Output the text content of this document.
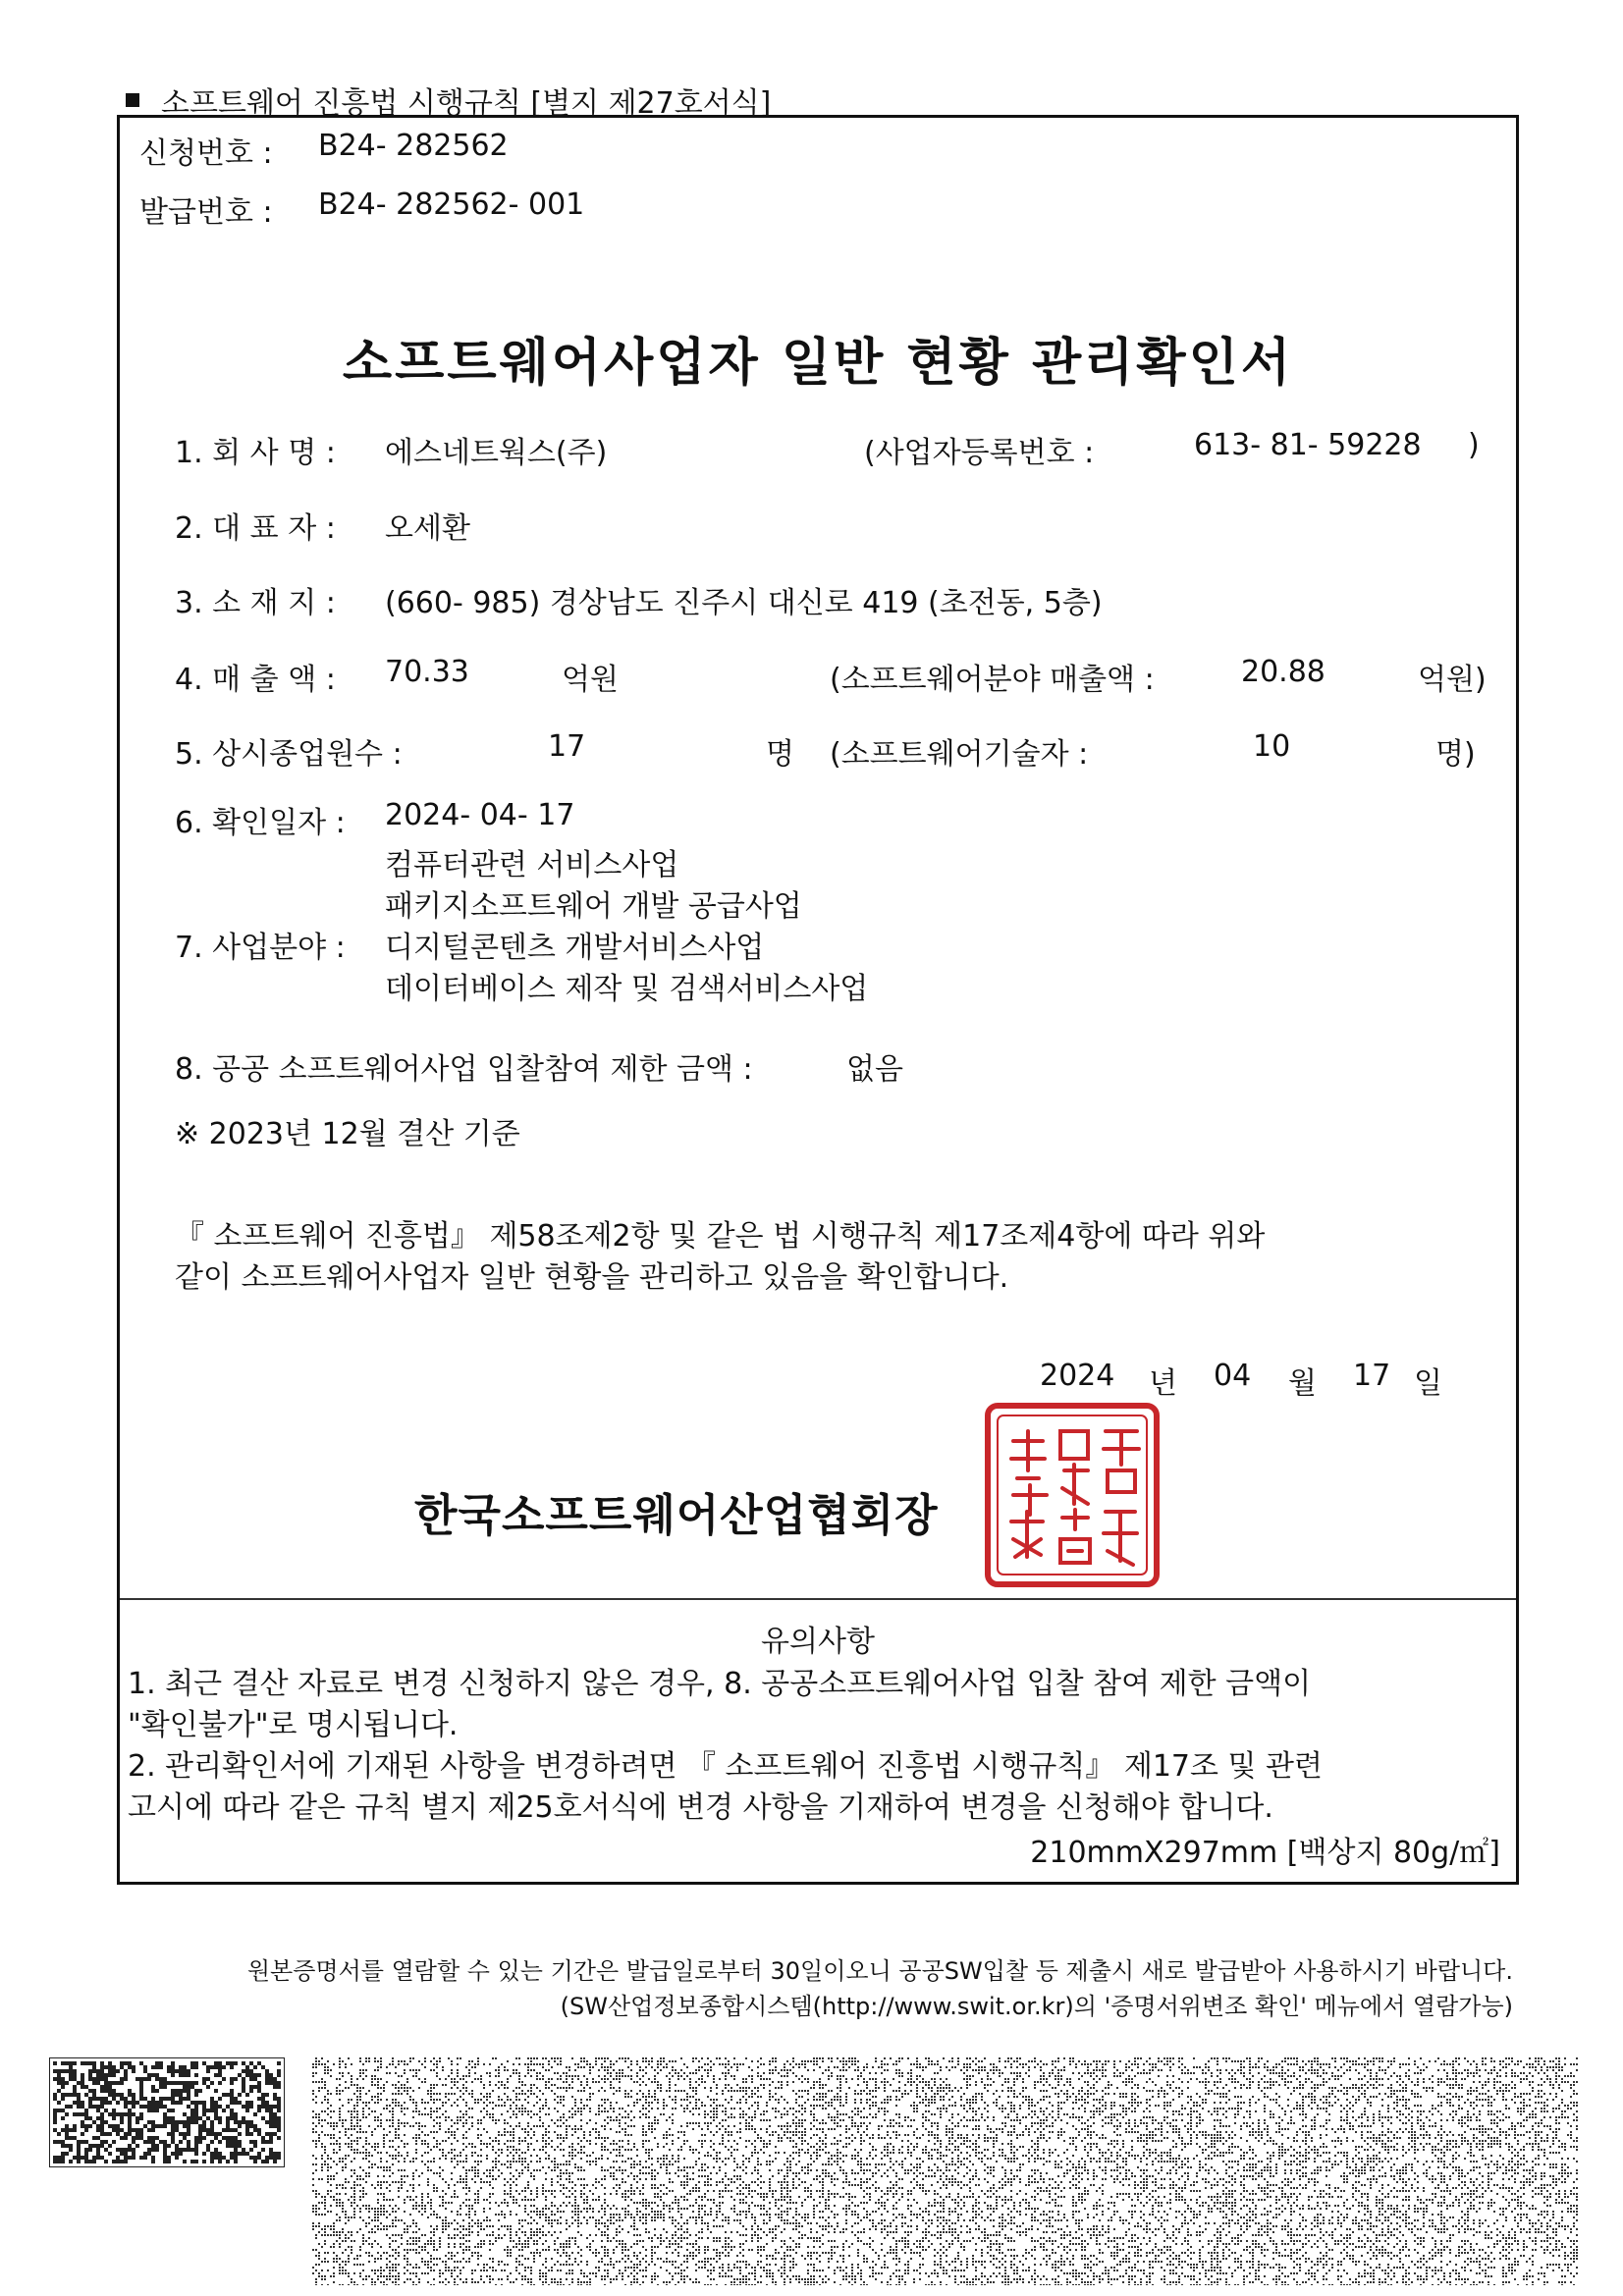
소프트웨어 진흥법 시행규칙 [별지 제27호서식]
신청번호 : B24- 282562
발급번호 : B24- 282562- 001
소프트웨어사업자 일반 현황 관리확인서
1. 회 사 명 : 에스네트웍스(주)	(사업자등록번호 :	613- 81- 59228 )
2. 대 표 자 : 오세환
3. 소 재 지 : (660- 985) 경상남도 진주시 대신로 419 (초전동, 5층)
4. 매 출 액 : 70.33	억원	(소프트웨어분야 매출액 :	20.88	억원)
5. 상시종업원수 :	17	명 (소프트웨어기술자 :	10	명)
6. 확인일자 : 2024- 04- 17
컴퓨터관련 서비스사업
패키지소프트웨어 개발 공급사업
7. 사업분야 : 디지털콘텐츠 개발서비스사업
데이터베이스 제작 및 검색서비스사업
8. 공공 소프트웨어사업 입찰참여 제한 금액 :	없음
※ 2023년 12월 결산 기준
『 소프트웨어 진흥법』 제58조제2항 및 같은 법 시행규칙 제17조제4항에 따라 위와
같이 소프트웨어사업자 일반 현황을 관리하고 있음을 확인합니다.
2024 년 04 월 17 일
한국소프트웨어산업협회장
유의사항
1. 최근 결산 자료로 변경 신청하지 않은 경우, 8. 공공소프트웨어사업 입찰 참여 제한 금액이
"확인불가"로 명시됩니다.
2. 관리확인서에 기재된 사항을 변경하려면 『 소프트웨어 진흥법 시행규칙』 제17조 및 관련
고시에 따라 같은 규칙 별지 제25호서식에 변경 사항을 기재하여 변경을 신청해야 합니다.
210mmX297mm [백상지 80g/㎡]
원본증명서를 열람할 수 있는 기간은 발급일로부터 30일이오니 공공SW입찰 등 제출시 새로 발급받아 사용하시기 바랍니다.
(SW산업정보종합시스템(http://www.swit.or.kr)의 '증명서위변조 확인' 메뉴에서 열람가능)
